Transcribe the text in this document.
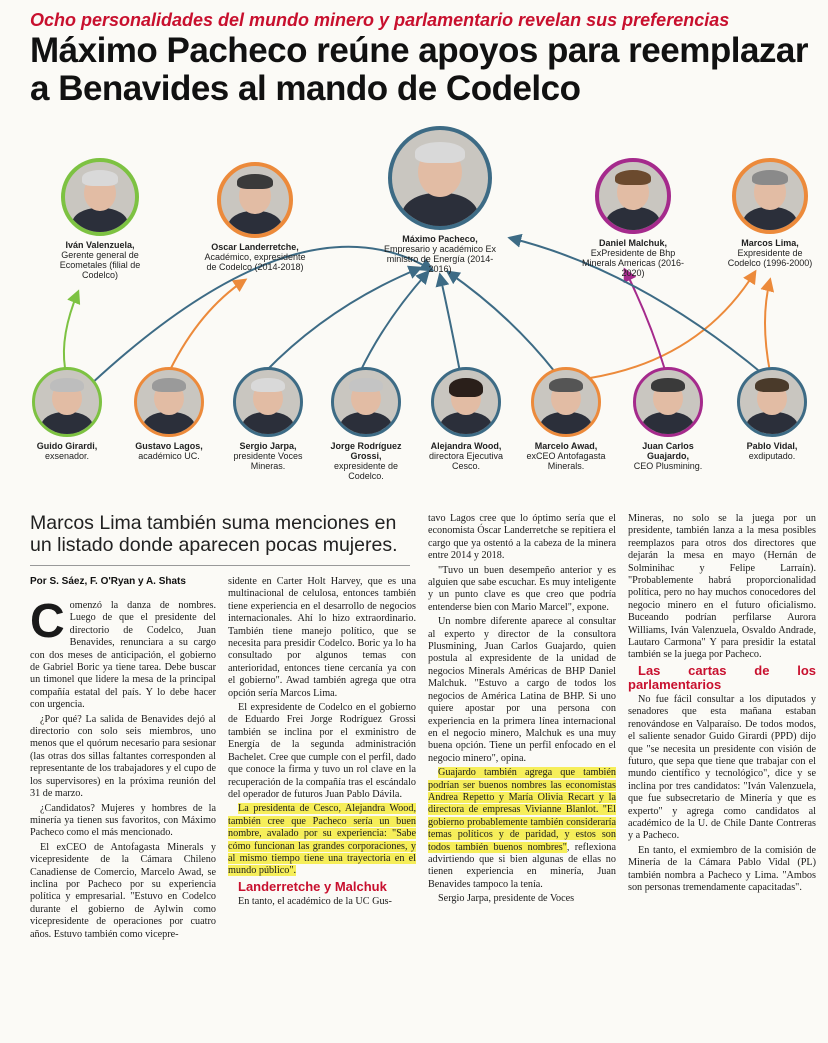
Ocho personalidades del mundo minero y parlamentario revelan sus preferencias
Máximo Pacheco reúne apoyos para reemplazar a Benavides al mando de Codelco
Iván Valenzuela,
Gerente general de Ecometales (filial de Codelco)
Oscar Landerretche,
Académico, expresidente de Codelco (2014-2018)
Máximo Pacheco,
Empresario y académico Ex ministro de Energía (2014-2016)
Daniel Malchuk,
ExPresidente de Bhp Minerals Americas (2016-2020)
Marcos Lima,
Expresidente de Codelco (1996-2000)
Guido Girardi,
exsenador.
Gustavo Lagos,
académico UC.
Sergio Jarpa,
presidente Voces Mineras.
Jorge Rodríguez Grossi,
expresidente de Codelco.
Alejandra Wood,
directora Ejecutiva Cesco.
Marcelo Awad,
exCEO Antofagasta Minerals.
Juan Carlos Guajardo,
CEO Plusmining.
Pablo Vidal,
exdiputado.
Marcos Lima también suma menciones en un listado donde aparecen pocas mujeres.
Por S. Sáez, F. O'Ryan y A. Shats

Comenzó la danza de nombres. Luego de que el presidente del directorio de Codelco, Juan Benavides, renunciara a su cargo con dos meses de anticipación, el gobierno de Gabriel Boric ya tiene tarea. Debe buscar un timonel que lidere la mesa de la principal compañía estatal del país. Y lo debe hacer con urgencia.

¿Por qué? La salida de Benavides dejó al directorio con solo seis miembros, uno menos que el quórum necesario para sesionar (las otras dos sillas faltantes corresponden al representante de los trabajadores y el cupo de los supervisores) en la próxima reunión del 31 de marzo.

¿Candidatos? Mujeres y hombres de la minería ya tienen sus favoritos, con Máximo Pacheco como el más mencionado.

El exCEO de Antofagasta Minerals y vicepresidente de la Cámara Chileno Canadiense de Comercio, Marcelo Awad, se inclina por Pacheco por su experiencia política y empresarial. "Estuvo en Codelco durante el gobierno de Aylwin como vicepresidente de operaciones por cuatro años. Estuvo también como vicepre-

sidente en Carter Holt Harvey, que es una multinacional de celulosa, entonces también tiene experiencia en el desarrollo de negocios internacionales. Ahí lo hizo extraordinario. También tiene manejo político, que se necesita para presidir Codelco. Boric ya lo ha consultado por algunos temas con anterioridad, entonces tiene cercanía ya con el gobierno". Awad también agrega que otra opción sería Marcos Lima.

El expresidente de Codelco en el gobierno de Eduardo Frei Jorge Rodríguez Grossi también se inclina por el exministro de Energía de la segunda administración Bachelet. Cree que cumple con el perfil, dado que conoce la firma y tuvo un rol clave en la recuperación de la compañía tras el escándalo del operador de futuros Juan Pablo Dávila.

La presidenta de Cesco, Alejandra Wood, también cree que Pacheco sería un buen nombre, avalado por su experiencia: "Sabe cómo funcionan las grandes corporaciones, y al mismo tiempo tiene una trayectoria en el mundo público".

Landerretche y Malchuk

En tanto, el académico de la UC Gus-

tavo Lagos cree que lo óptimo sería que el economista Óscar Landerretche se repitiera el cargo que ya ostentó a la cabeza de la minera entre 2014 y 2018.

"Tuvo un buen desempeño anterior y es alguien que sabe escuchar. Es muy inteligente y un punto clave es que creo que podría entenderse bien con Mario Marcel", expone.

Un nombre diferente aparece al consultar al experto y director de la consultora Plusmining, Juan Carlos Guajardo, quien postula al expresidente de la unidad de negocios Minerals Américas de BHP Daniel Malchuk. "Estuvo a cargo de todos los negocios de América Latina de BHP. Si uno quiere apostar por una persona con experiencia en la primera línea internacional en el negocio minero, Malchuk es una muy buena opción. Tiene un perfil enfocado en el negocio minero", opina.

Guajardo también agrega que también podrían ser buenos nombres las economistas Andrea Repetto y María Olivia Recart y la directora de empresas Vivianne Blanlot. "El gobierno probablemente también consideraría temas políticos y de paridad, y estos son todos también buenos nombres", reflexiona advirtiendo que si bien algunas de ellas no tienen experiencia en minería, Juan Benavides tampoco la tenía.

Sergio Jarpa, presidente de Voces

Mineras, no solo se la juega por un presidente, también lanza a la mesa posibles reemplazos para otros dos directores que dejarán la mesa en mayo (Hernán de Solminihac y Felipe Larraín). "Probablemente habrá proporcionalidad política, pero no hay muchos conocedores del negocio minero en el futuro oficialismo. Buceando podrían perfilarse Aurora Williams, Iván Valenzuela, Osvaldo Andrade, Lautaro Carmona" Y para presidir la estatal también se la juega por Pacheco.

Las cartas de los parlamentarios

No fue fácil consultar a los diputados y senadores que esta mañana estaban renovándose en Valparaíso. De todos modos, el saliente senador Guido Girardi (PPD) dijo que "se necesita un presidente con visión de futuro, que sepa que tiene que trabajar con el mundo científico y tecnológico", dice y se inclina por tres candidatos: "Iván Valenzuela, que fue subsecretario de Minería y que es experto" y agrega como candidatos al académico de la U. de Chile Dante Contreras y a Pacheco.

En tanto, el exmiembro de la comisión de Minería de la Cámara Pablo Vidal (PL) también nombra a Pacheco y Lima. "Ambos son personas tremendamente capacitadas".
